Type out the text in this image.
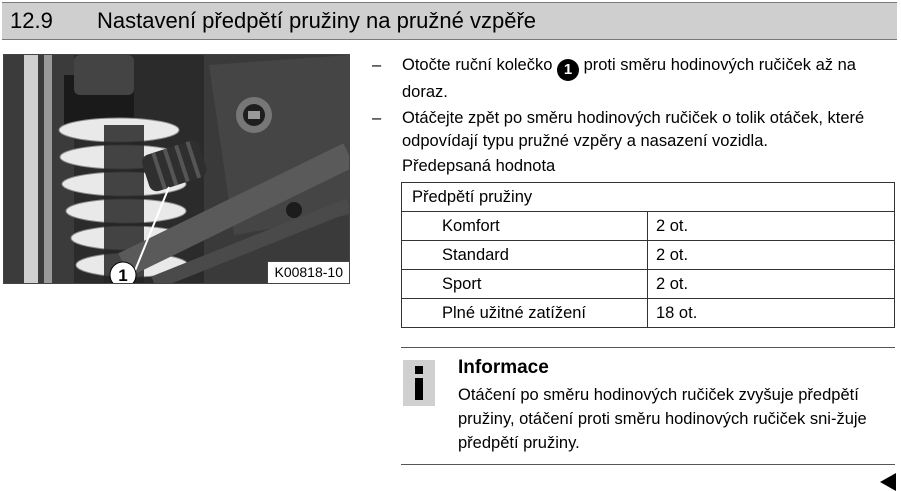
12.9 Nastavení předpětí pružiny na pružné vzpěře
1	K00818-10
– Otočte ruční kolečko 1 proti směru hodinových ručiček až na doraz.
– Otáčejte zpět po směru hodinových ručiček o tolik otáček, které odpovídají typu pružné vzpěry a nasazení vozidla.
Předepsaná hodnota
Předpětí pružiny	
Komfort	2 ot.
Standard	2 ot.
Sport	2 ot.
Plné užitné zatížení	18 ot.
Informace
Otáčení po směru hodinových ručiček zvyšuje předpětí pružiny, otáčení proti směru hodinových ručiček sni-žuje předpětí pružiny.
